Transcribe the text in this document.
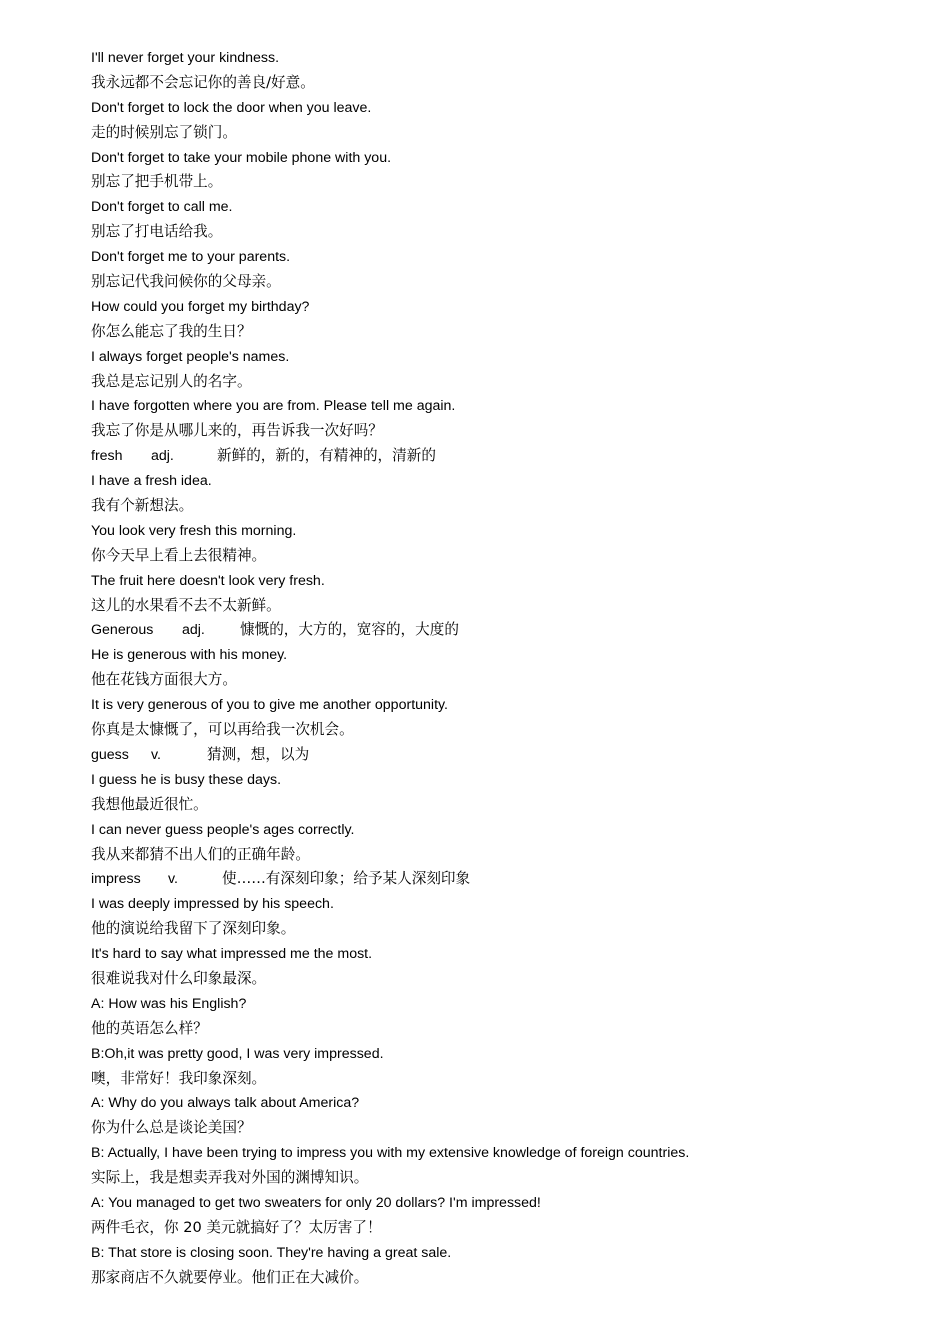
I'll never forget your kindness.
我永远都不会忘记你的善良/好意。
Don't forget to lock the door when you leave.
走的时候别忘了锁门。
Don't forget to take your mobile phone with you.
别忘了把手机带上。
Don't forget to call me.
别忘了打电话给我。
Don't forget me to your parents.
别忘记代我问候你的父母亲。
How could you forget my birthday?
你怎么能忘了我的生日？
I always forget people's names.
我总是忘记别人的名字。
I have forgotten where you are from. Please tell me again.
我忘了你是从哪儿来的，再告诉我一次好吗？
fresh adj.	新鲜的，新的，有精神的，清新的
I have a fresh idea.
我有个新想法。
You look very fresh this morning.
你今天早上看上去很精神。
The fruit here doesn't look very fresh.
这儿的水果看不去不太新鲜。
Generous adj. 慷慨的，大方的，宽容的，大度的
He is generous with his money.
他在花钱方面很大方。
It is very generous of you to give me another opportunity.
你真是太慷慨了，可以再给我一次机会。
guess v.	猜测，想，以为
I guess he is busy these days.
我想他最近很忙。
I can never guess people's ages correctly.
我从来都猜不出人们的正确年龄。
impress v.	使……有深刻印象；给予某人深刻印象
I was deeply impressed by his speech.
他的演说给我留下了深刻印象。
It's hard to say what impressed me the most.
很难说我对什么印象最深。
A: How was his English?
他的英语怎么样？
B:Oh,it was pretty good, I was very impressed.
噢，非常好！我印象深刻。
A: Why do you always talk about America?
你为什么总是谈论美国？
B: Actually, I have been trying to impress you with my extensive knowledge of foreign countries.
实际上，我是想卖弄我对外国的渊博知识。
A: You managed to get two sweaters for only 20 dollars? I'm impressed!
两件毛衣，你 20 美元就搞好了？太厉害了！
B: That store is closing soon. They're having a great sale.
那家商店不久就要停业。他们正在大减价。
